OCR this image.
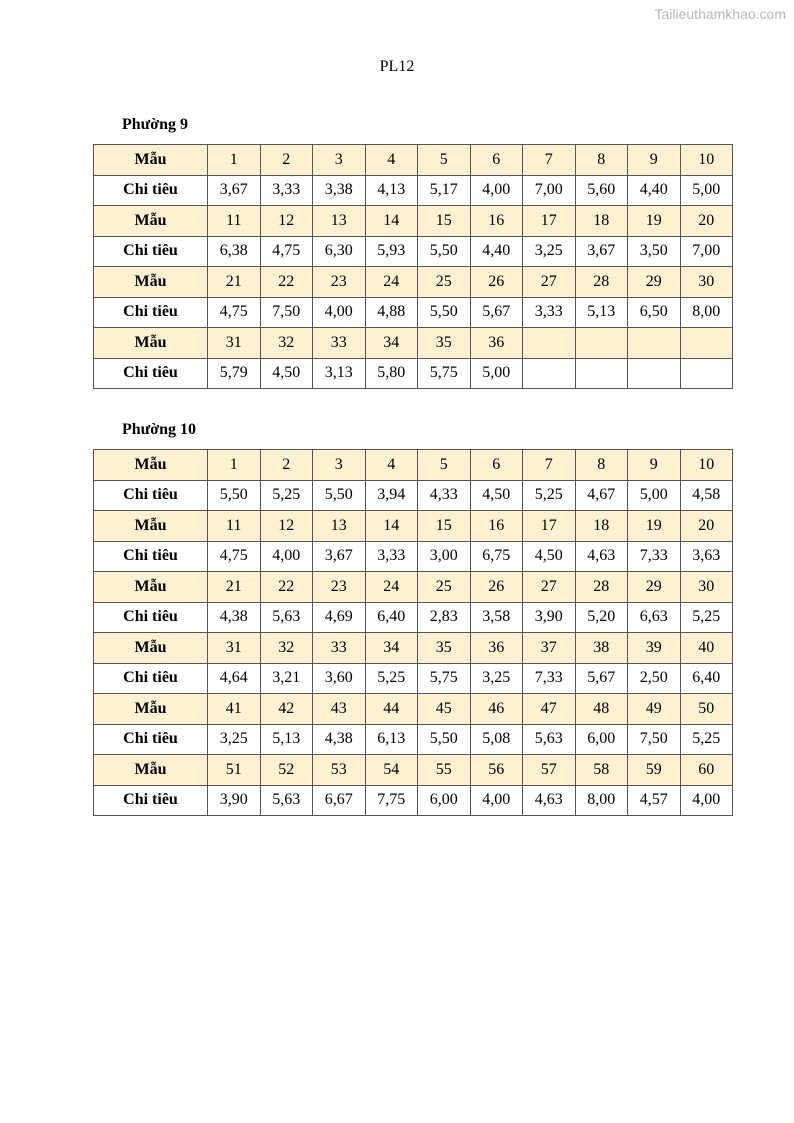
Tailieuthamkhao.com
PL12
Phường 9
Mẫu	1	2	3	4	5	6	7	8	9	10
Chi tiêu	3,67	3,33	3,38	4,13	5,17	4,00	7,00	5,60	4,40	5,00
Mẫu	11	12	13	14	15	16	17	18	19	20
Chi tiêu	6,38	4,75	6,30	5,93	5,50	4,40	3,25	3,67	3,50	7,00
Mẫu	21	22	23	24	25	26	27	28	29	30
Chi tiêu	4,75	7,50	4,00	4,88	5,50	5,67	3,33	5,13	6,50	8,00
Mẫu	31	32	33	34	35	36				
Chi tiêu	5,79	4,50	3,13	5,80	5,75	5,00				
Phường 10
Mẫu	1	2	3	4	5	6	7	8	9	10
Chi tiêu	5,50	5,25	5,50	3,94	4,33	4,50	5,25	4,67	5,00	4,58
Mẫu	11	12	13	14	15	16	17	18	19	20
Chi tiêu	4,75	4,00	3,67	3,33	3,00	6,75	4,50	4,63	7,33	3,63
Mẫu	21	22	23	24	25	26	27	28	29	30
Chi tiêu	4,38	5,63	4,69	6,40	2,83	3,58	3,90	5,20	6,63	5,25
Mẫu	31	32	33	34	35	36	37	38	39	40
Chi tiêu	4,64	3,21	3,60	5,25	5,75	3,25	7,33	5,67	2,50	6,40
Mẫu	41	42	43	44	45	46	47	48	49	50
Chi tiêu	3,25	5,13	4,38	6,13	5,50	5,08	5,63	6,00	7,50	5,25
Mẫu	51	52	53	54	55	56	57	58	59	60
Chi tiêu	3,90	5,63	6,67	7,75	6,00	4,00	4,63	8,00	4,57	4,00
